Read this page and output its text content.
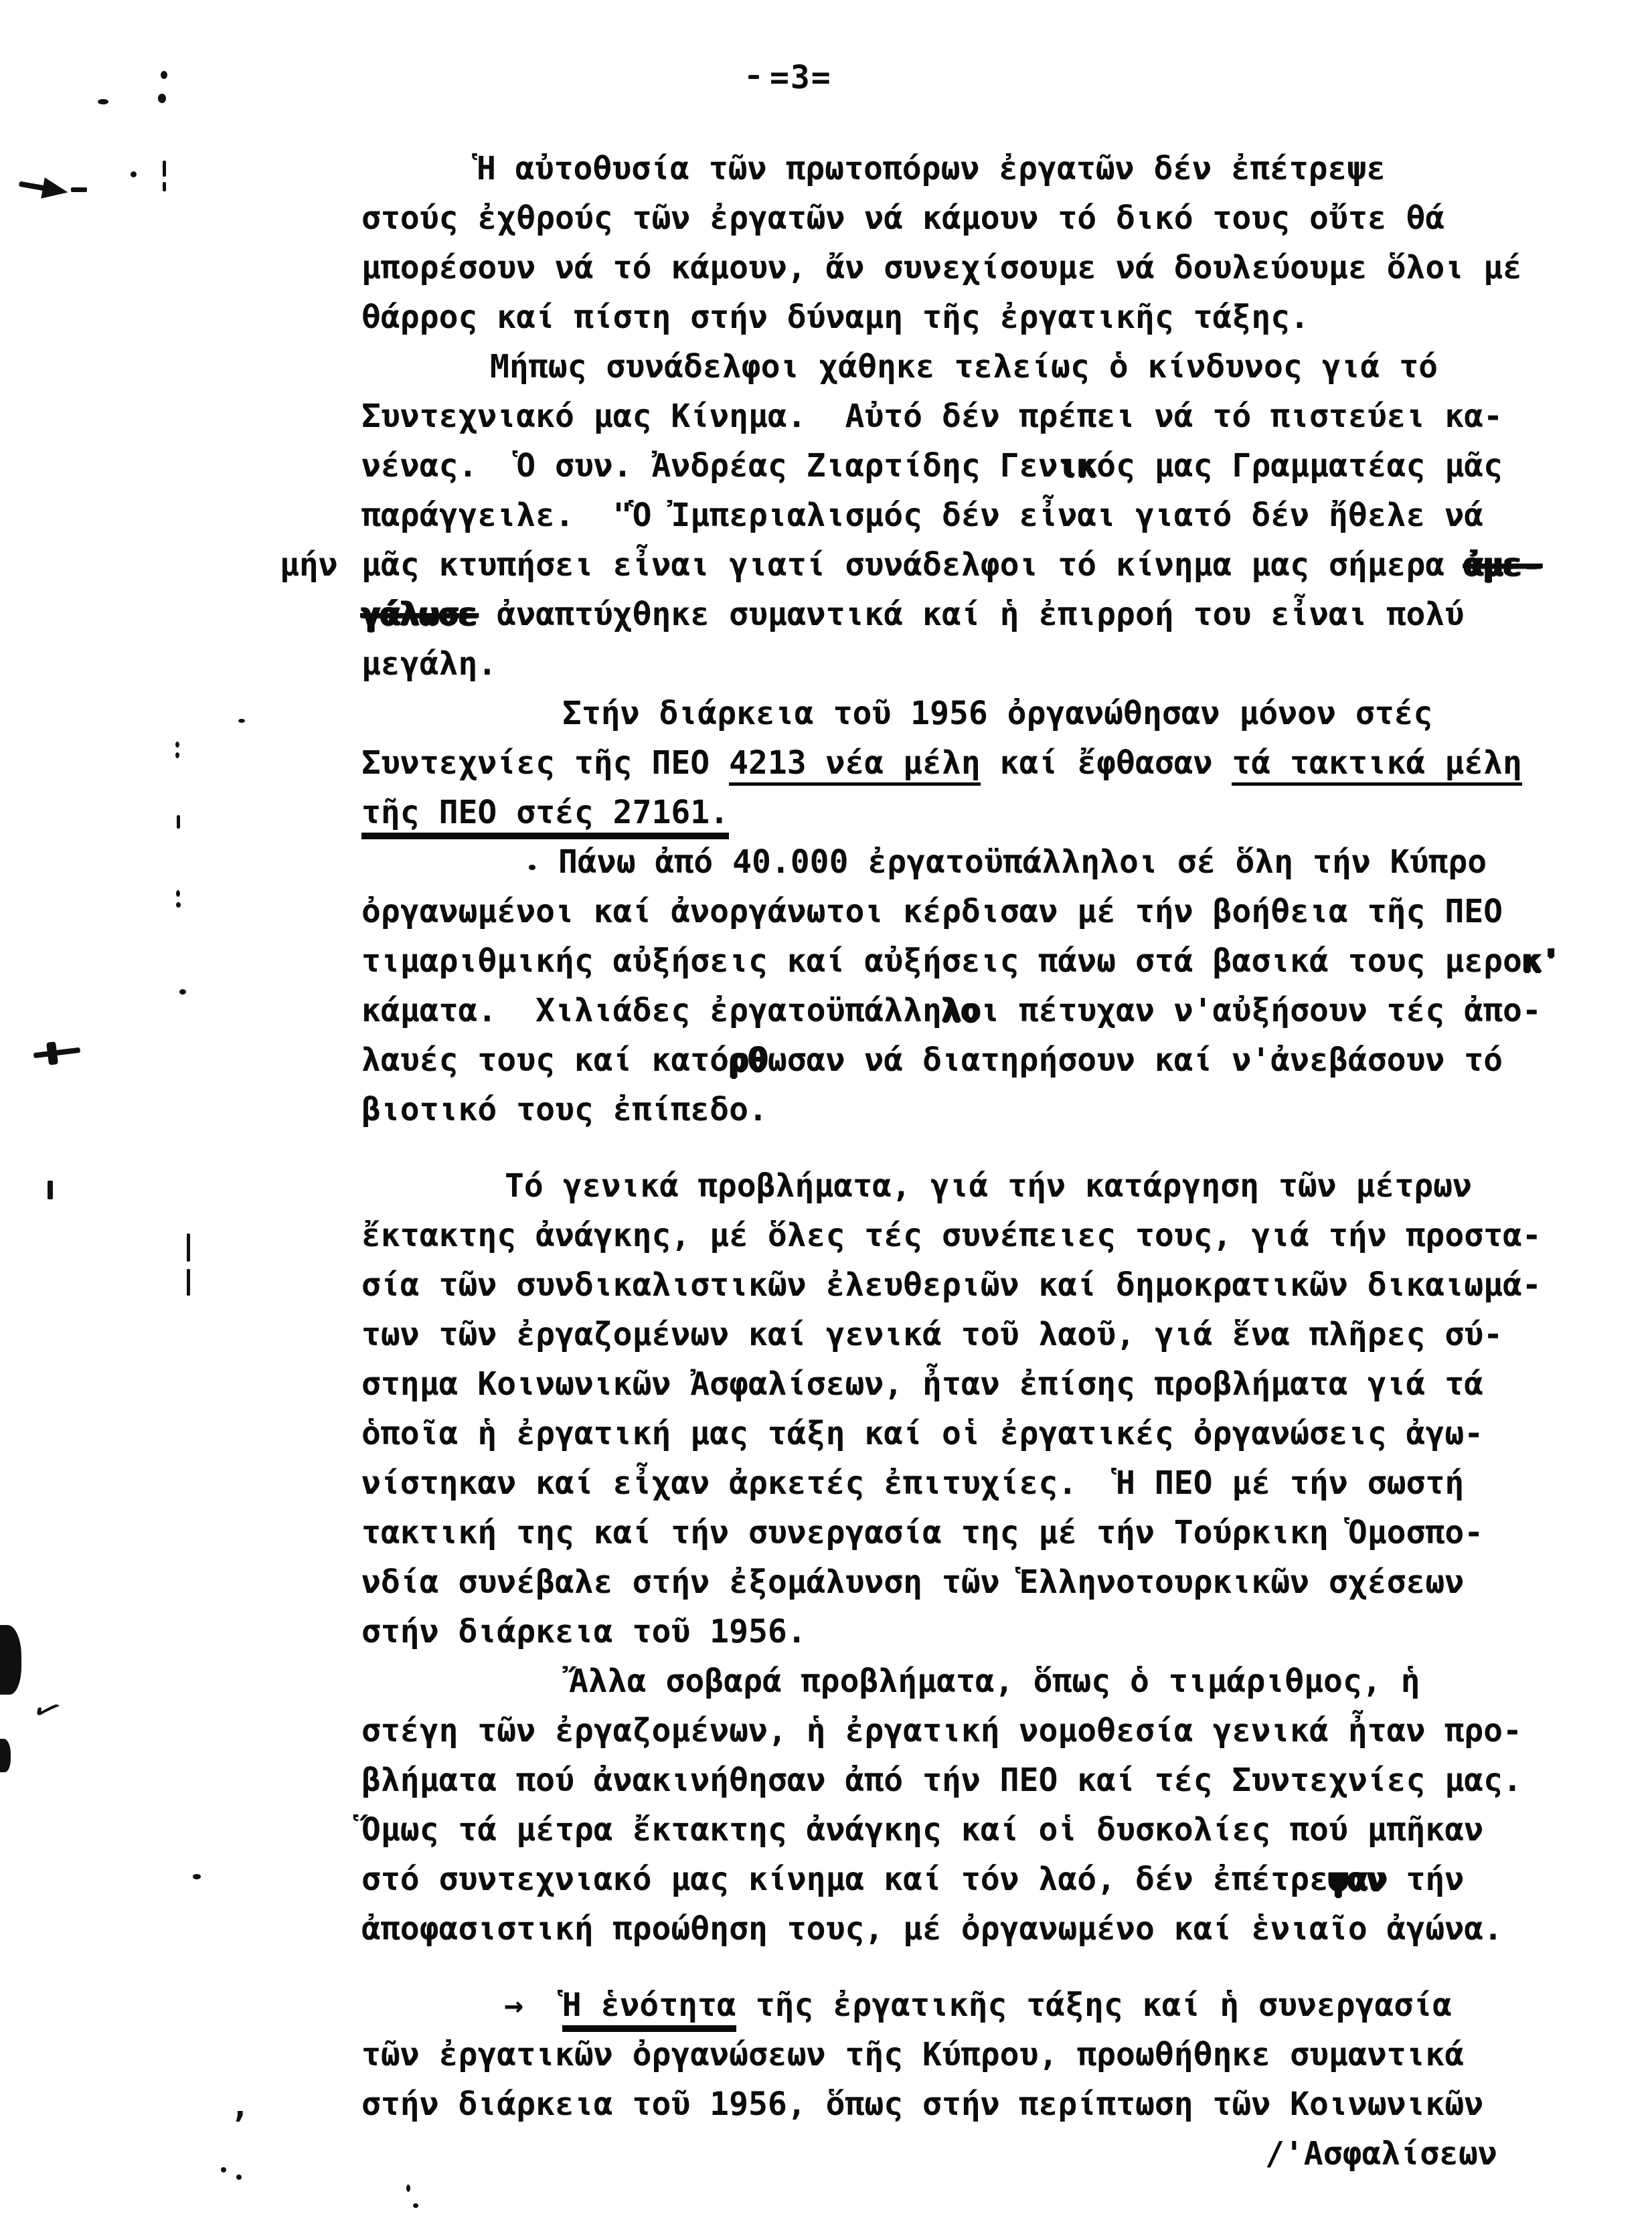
=3=
Ἡ αὐτοθυσία τῶν πρωτοπόρων ἐργατῶν δέν ἐπέτρεψε
στούς ἐχθρούς τῶν ἐργατῶν νά κάμουν τό δικό τους οὔτε θά
μπορέσουν νά τό κάμουν, ἄν συνεχίσουμε νά δουλεύουμε ὅλοι μέ
θάρρος καί πίστη στήν δύναμη τῆς ἐργατικῆς τάξης.
Μήπως συνάδελφοι χάθηκε τελείως ὁ κίνδυνος γιά τό
Συντεχνιακό μας Κίνημα.  Αὐτό δέν πρέπει νά τό πιστεύει κα-
νένας.  Ὁ συν. Ἀνδρέας Ζιαρτίδης Γενικός μας Γραμματέας μᾶς
παράγγειλε.  "Ὁ Ἰμπεριαλισμός δέν εἶναι γιατό δέν ἤθελε νά
μήν μᾶς κτυπήσει εἶναι γιατί συνάδελφοι τό κίνημα μας σήμερα ἀμε-
γάλωσε ἀναπτύχθηκε συμαντικά καί ἡ ἐπιρροή του εἶναι πολύ
μεγάλη.
Στήν διάρκεια τοῦ 1956 ὀργανώθησαν μόνον στές
Συντεχνίες τῆς ΠΕΟ 4213 νέα μέλη καί ἔφθασαν τά τακτικά μέλη
τῆς ΠΕΟ στές 27161.
Πάνω ἀπό 40.000 ἐργατοϋπάλληλοι σέ ὅλη τήν Κύπρο
ὀργανωμένοι καί ἀνοργάνωτοι κέρδισαν μέ τήν βοήθεια τῆς ΠΕΟ
τιμαριθμικής αὐξήσεις καί αὐξήσεις πάνω στά βασικά τους μεροκ'
κάματα.  Χιλιάδες ἐργατοϋπάλληλοι πέτυχαν ν'αὐξήσουν τές ἀπο-
λαυές τους καί κατόρθωσαν νά διατηρήσουν καί ν'ἀνεβάσουν τό
βιοτικό τους ἐπίπεδο.
Τό γενικά προβλήματα, γιά τήν κατάργηση τῶν μέτρων
ἔκτακτης ἀνάγκης, μέ ὅλες τές συνέπειες τους, γιά τήν προστα-
σία τῶν συνδικαλιστικῶν ἐλευθεριῶν καί δημοκρατικῶν δικαιωμά-
των τῶν ἐργαζομένων καί γενικά τοῦ λαοῦ, γιά ἕνα πλῆρες σύ-
στημα Κοινωνικῶν Ἀσφαλίσεων, ἦταν ἐπίσης προβλήματα γιά τά
ὁποῖα ἡ ἐργατική μας τάξη καί οἱ ἐργατικές ὀργανώσεις ἀγω-
νίστηκαν καί εἶχαν ἀρκετές ἐπιτυχίες.  Ἡ ΠΕΟ μέ τήν σωστή
τακτική της καί τήν συνεργασία της μέ τήν Τούρκικη Ὁμοσπο-
νδία συνέβαλε στήν ἐξομάλυνση τῶν Ἑλληνοτουρκικῶν σχέσεων
στήν διάρκεια τοῦ 1956.
Ἄλλα σοβαρά προβλήματα, ὅπως ὁ τιμάριθμος, ἡ
στέγη τῶν ἐργαζομένων, ἡ ἐργατική νομοθεσία γενικά ἦταν προ-
βλήματα πού ἀνακινήθησαν ἀπό τήν ΠΕΟ καί τές Συντεχνίες μας.
Ὅμως τά μέτρα ἔκτακτης ἀνάγκης καί οἱ δυσκολίες πού μπῆκαν
στό συντεχνιακό μας κίνημα καί τόν λαό, δέν ἐπέτρεψαν τήν
ἀποφασιστική προώθηση τους, μέ ὀργανωμένο καί ἑνιαῖο ἀγώνα.
→  Ἡ ἑνότητα τῆς ἐργατικῆς τάξης καί ἡ συνεργασία
τῶν ἐργατικῶν ὀργανώσεων τῆς Κύπρου, προωθήθηκε συμαντικά
στήν διάρκεια τοῦ 1956, ὅπως στήν περίπτωση τῶν Κοινωνικῶν
/'Ασφαλίσεων
✓
’
